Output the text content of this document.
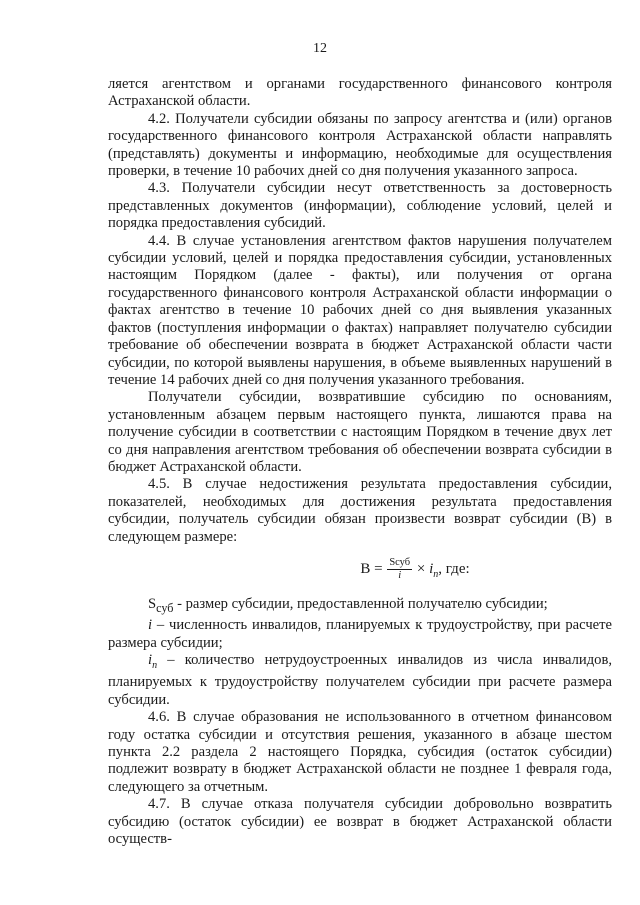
12

ляется агентством и органами государственного финансового контроля Астраханской области.

4.2. Получатели субсидии обязаны по запросу агентства и (или) органов государственного финансового контроля Астраханской области направлять (представлять) документы и информацию, необходимые для осуществления проверки, в течение 10 рабочих дней со дня получения указанного запроса.

4.3. Получатели субсидии несут ответственность за достоверность представленных документов (информации), соблюдение условий, целей и порядка предоставления субсидий.

4.4. В случае установления агентством фактов нарушения получателем субсидии условий, целей и порядка предоставления субсидии, установленных настоящим Порядком (далее - факты), или получения от органа государственного финансового контроля Астраханской области информации о фактах агентство в течение 10 рабочих дней со дня выявления указанных фактов (поступления информации о фактах) направляет получателю субсидии требование об обеспечении возврата в бюджет Астраханской области части субсидии, по которой выявлены нарушения, в объеме выявленных нарушений в течение 14 рабочих дней со дня получения указанного требования.

Получатели субсидии, возвратившие субсидию по основаниям, установленным абзацем первым настоящего пункта, лишаются права на получение субсидии в соответствии с настоящим Порядком в течение двух лет со дня направления агентством требования об обеспечении возврата субсидии в бюджет Астраханской области.

4.5. В случае недостижения результата предоставления субсидии, показателей, необходимых для достижения результата предоставления субсидии, получатель субсидии обязан произвести возврат субсидии (В) в следующем размере:

$В = \frac{\text{Sсуб}}{i} \times i_n$, где:

$S_{суб}$ - размер субсидии, предоставленной получателю субсидии;

i – численность инвалидов, планируемых к трудоустройству, при расчете размера субсидии;

$i_n$ – количество нетрудоустроенных инвалидов из числа инвалидов, планируемых к трудоустройству получателем субсидии при расчете размера субсидии.

4.6. В случае образования не использованного в отчетном финансовом году остатка субсидии и отсутствия решения, указанного в абзаце шестом пункта 2.2 раздела 2 настоящего Порядка, субсидия (остаток субсидии) подлежит возврату в бюджет Астраханской области не позднее 1 февраля года, следующего за отчетным.

4.7. В случае отказа получателя субсидии добровольно возвратить субсидию (остаток субсидии) ее возврат в бюджет Астраханской области осуществ-
